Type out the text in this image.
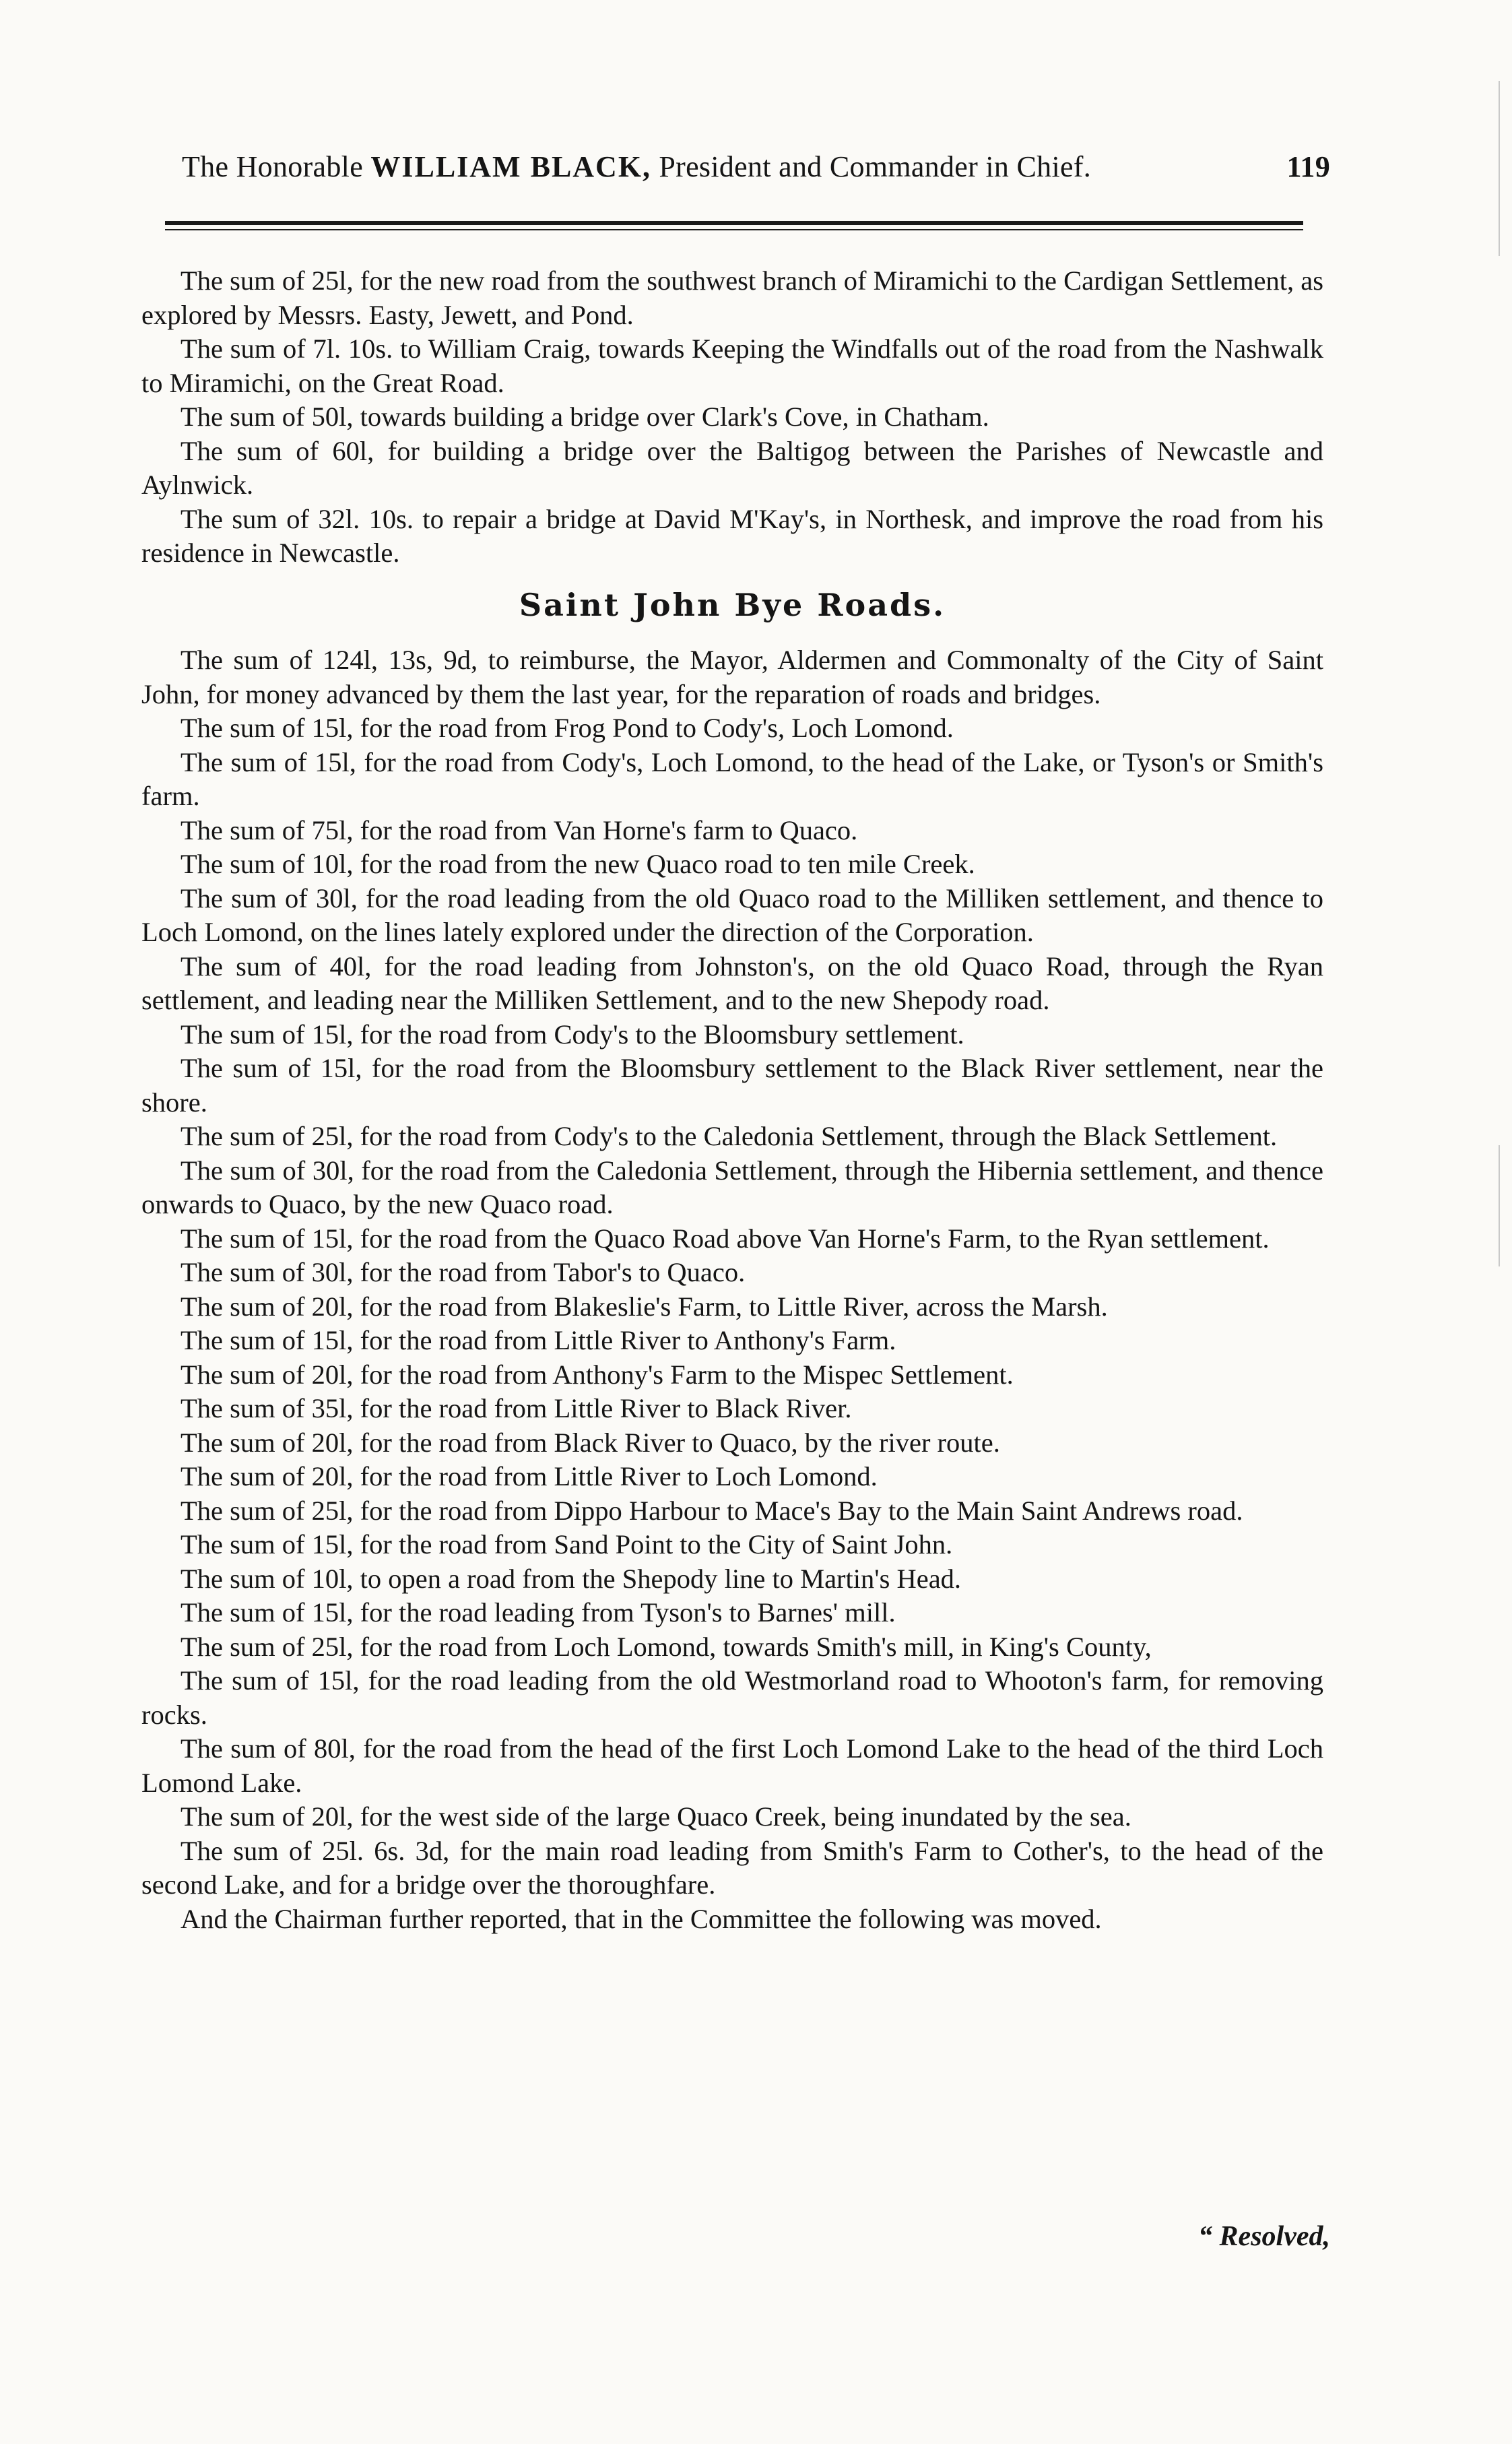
The Honorable WILLIAM BLACK, President and Commander in Chief.	119

The sum of 25l, for the new road from the southwest branch of Miramichi to the Cardigan Settlement, as explored by Messrs. Easty, Jewett, and Pond.

The sum of 7l. 10s. to William Craig, towards Keeping the Windfalls out of the road from the Nashwalk to Miramichi, on the Great Road.

The sum of 50l, towards building a bridge over Clark's Cove, in Chatham.

The sum of 60l, for building a bridge over the Baltigog between the Parishes of Newcastle and Aylnwick.

The sum of 32l. 10s. to repair a bridge at David M'Kay's, in Northesk, and improve the road from his residence in Newcastle.

Saint John Bye Roads.

The sum of 124l, 13s, 9d, to reimburse, the Mayor, Aldermen and Commonalty of the City of Saint John, for money advanced by them the last year, for the reparation of roads and bridges.

The sum of 15l, for the road from Frog Pond to Cody's, Loch Lomond.

The sum of 15l, for the road from Cody's, Loch Lomond, to the head of the Lake, or Tyson's or Smith's farm.

The sum of 75l, for the road from Van Horne's farm to Quaco.

The sum of 10l, for the road from the new Quaco road to ten mile Creek.

The sum of 30l, for the road leading from the old Quaco road to the Milliken settlement, and thence to Loch Lomond, on the lines lately explored under the direction of the Corporation.

The sum of 40l, for the road leading from Johnston's, on the old Quaco Road, through the Ryan settlement, and leading near the Milliken Settlement, and to the new Shepody road.

The sum of 15l, for the road from Cody's to the Bloomsbury settlement.

The sum of 15l, for the road from the Bloomsbury settlement to the Black River settlement, near the shore.

The sum of 25l, for the road from Cody's to the Caledonia Settlement, through the Black Settlement.

The sum of 30l, for the road from the Caledonia Settlement, through the Hibernia settlement, and thence onwards to Quaco, by the new Quaco road.

The sum of 15l, for the road from the Quaco Road above Van Horne's Farm, to the Ryan settlement.

The sum of 30l, for the road from Tabor's to Quaco.

The sum of 20l, for the road from Blakeslie's Farm, to Little River, across the Marsh.

The sum of 15l, for the road from Little River to Anthony's Farm.

The sum of 20l, for the road from Anthony's Farm to the Mispec Settlement.

The sum of 35l, for the road from Little River to Black River.

The sum of 20l, for the road from Black River to Quaco, by the river route.

The sum of 20l, for the road from Little River to Loch Lomond.

The sum of 25l, for the road from Dippo Harbour to Mace's Bay to the Main Saint Andrews road.

The sum of 15l, for the road from Sand Point to the City of Saint John.

The sum of 10l, to open a road from the Shepody line to Martin's Head.

The sum of 15l, for the road leading from Tyson's to Barnes' mill.

The sum of 25l, for the road from Loch Lomond, towards Smith's mill, in King's County,

The sum of 15l, for the road leading from the old Westmorland road to Whooton's farm, for removing rocks.

The sum of 80l, for the road from the head of the first Loch Lomond Lake to the head of the third Loch Lomond Lake.

The sum of 20l, for the west side of the large Quaco Creek, being inundated by the sea.

The sum of 25l. 6s. 3d, for the main road leading from Smith's Farm to Cother's, to the head of the second Lake, and for a bridge over the thoroughfare.

And the Chairman further reported, that in the Committee the following was moved.

“ Resolved,
